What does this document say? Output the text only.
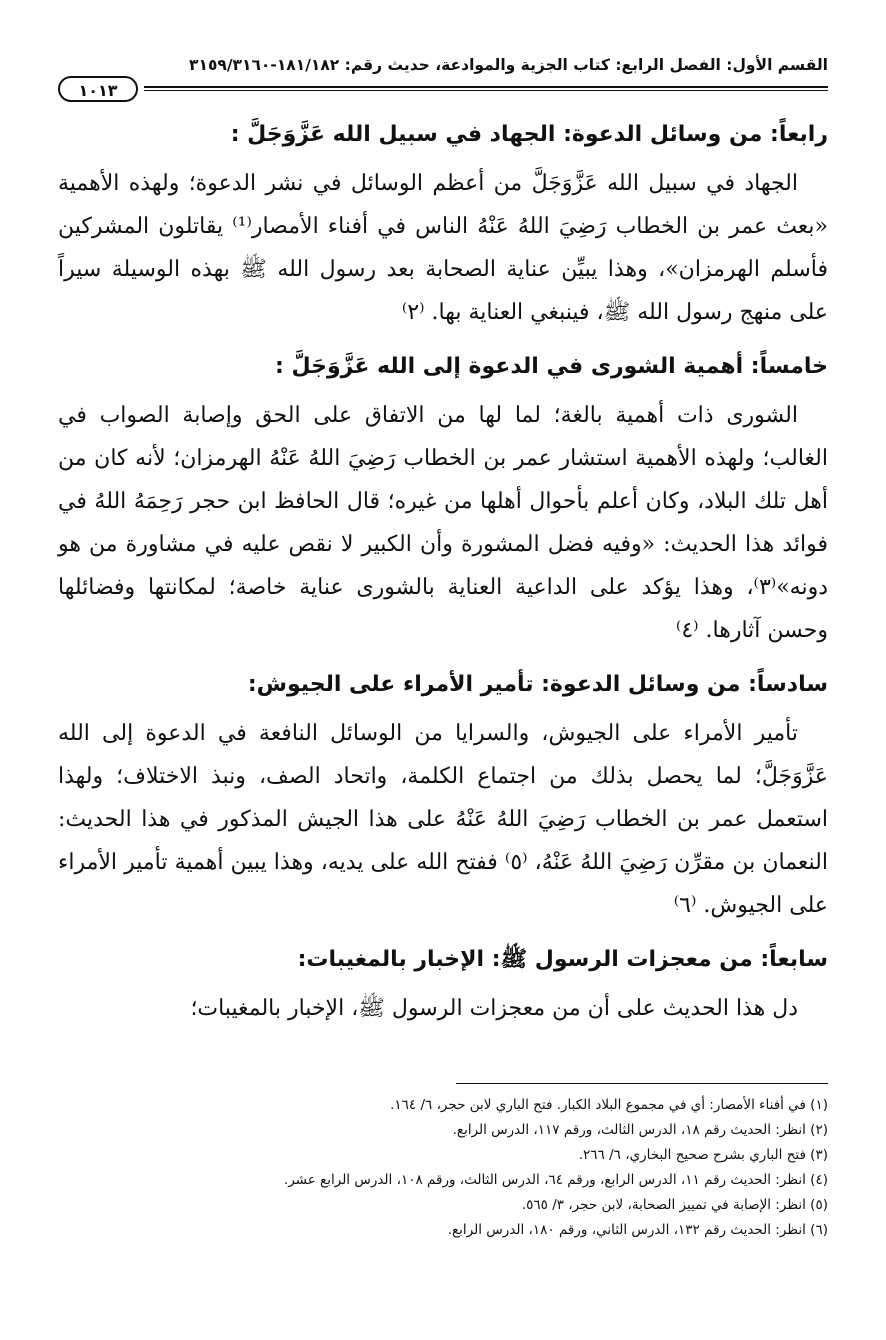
القسم الأول: الفصل الرابع: كتاب الجزية والموادعة، حديث رقم: ١٨١/١٨٢-٣١٥٩/٣١٦٠
١٠١٣
رابعاً: من وسائل الدعوة: الجهاد في سبيل الله عَزَّوَجَلَّ :

الجهاد في سبيل الله عَزَّوَجَلَّ من أعظم الوسائل في نشر الدعوة؛ ولهذه الأهمية «بعث عمر بن الخطاب رَضِيَ اللهُ عَنْهُ الناس في أفناء الأمصار⁽¹⁾ يقاتلون المشركين فأسلم الهرمزان»، وهذا يبيِّن عناية الصحابة بعد رسول الله ﷺ بهذه الوسيلة سيراً على منهج رسول الله ﷺ، فينبغي العناية بها. ⁽٢⁾

خامساً: أهمية الشورى في الدعوة إلى الله عَزَّوَجَلَّ :

الشورى ذات أهمية بالغة؛ لما لها من الاتفاق على الحق وإصابة الصواب في الغالب؛ ولهذه الأهمية استشار عمر بن الخطاب رَضِيَ اللهُ عَنْهُ الهرمزان؛ لأنه كان من أهل تلك البلاد، وكان أعلم بأحوال أهلها من غيره؛ قال الحافظ ابن حجر رَحِمَهُ اللهُ في فوائد هذا الحديث: «وفيه فضل المشورة وأن الكبير لا نقص عليه في مشاورة من هو دونه»⁽٣⁾، وهذا يؤكد على الداعية العناية بالشورى عناية خاصة؛ لمكانتها وفضائلها وحسن آثارها. ⁽٤⁾

سادساً: من وسائل الدعوة: تأمير الأمراء على الجيوش:

تأمير الأمراء على الجيوش، والسرايا من الوسائل النافعة في الدعوة إلى الله عَزَّوَجَلَّ؛ لما يحصل بذلك من اجتماع الكلمة، واتحاد الصف، ونبذ الاختلاف؛ ولهذا استعمل عمر بن الخطاب رَضِيَ اللهُ عَنْهُ على هذا الجيش المذكور في هذا الحديث: النعمان بن مقرِّن رَضِيَ اللهُ عَنْهُ، ⁽٥⁾ ففتح الله على يديه، وهذا يبين أهمية تأمير الأمراء على الجيوش. ⁽٦⁾

سابعاً: من معجزات الرسول ﷺ: الإخبار بالمغيبات:

دل هذا الحديث على أن من معجزات الرسول ﷺ، الإخبار بالمغيبات؛

(١) في أفناء الأمصار: أي في مجموع البلاد الكبار. فتح الباري لابن حجر، ٦/ ١٦٤.
(٢) انظر: الحديث رقم ١٨، الدرس الثالث، ورقم ١١٧، الدرس الرابع.
(٣) فتح الباري بشرح صحيح البخاري، ٦/ ٢٦٦.
(٤) انظر: الحديث رقم ١١، الدرس الرابع، ورقم ٦٤، الدرس الثالث، ورقم ١٠٨، الدرس الرابع عشر.
(٥) انظر: الإصابة في تمييز الصحابة، لابن حجر، ٣/ ٥٦٥.
(٦) انظر: الحديث رقم ١٣٢، الدرس الثاني، ورقم ١٨٠، الدرس الرابع.
